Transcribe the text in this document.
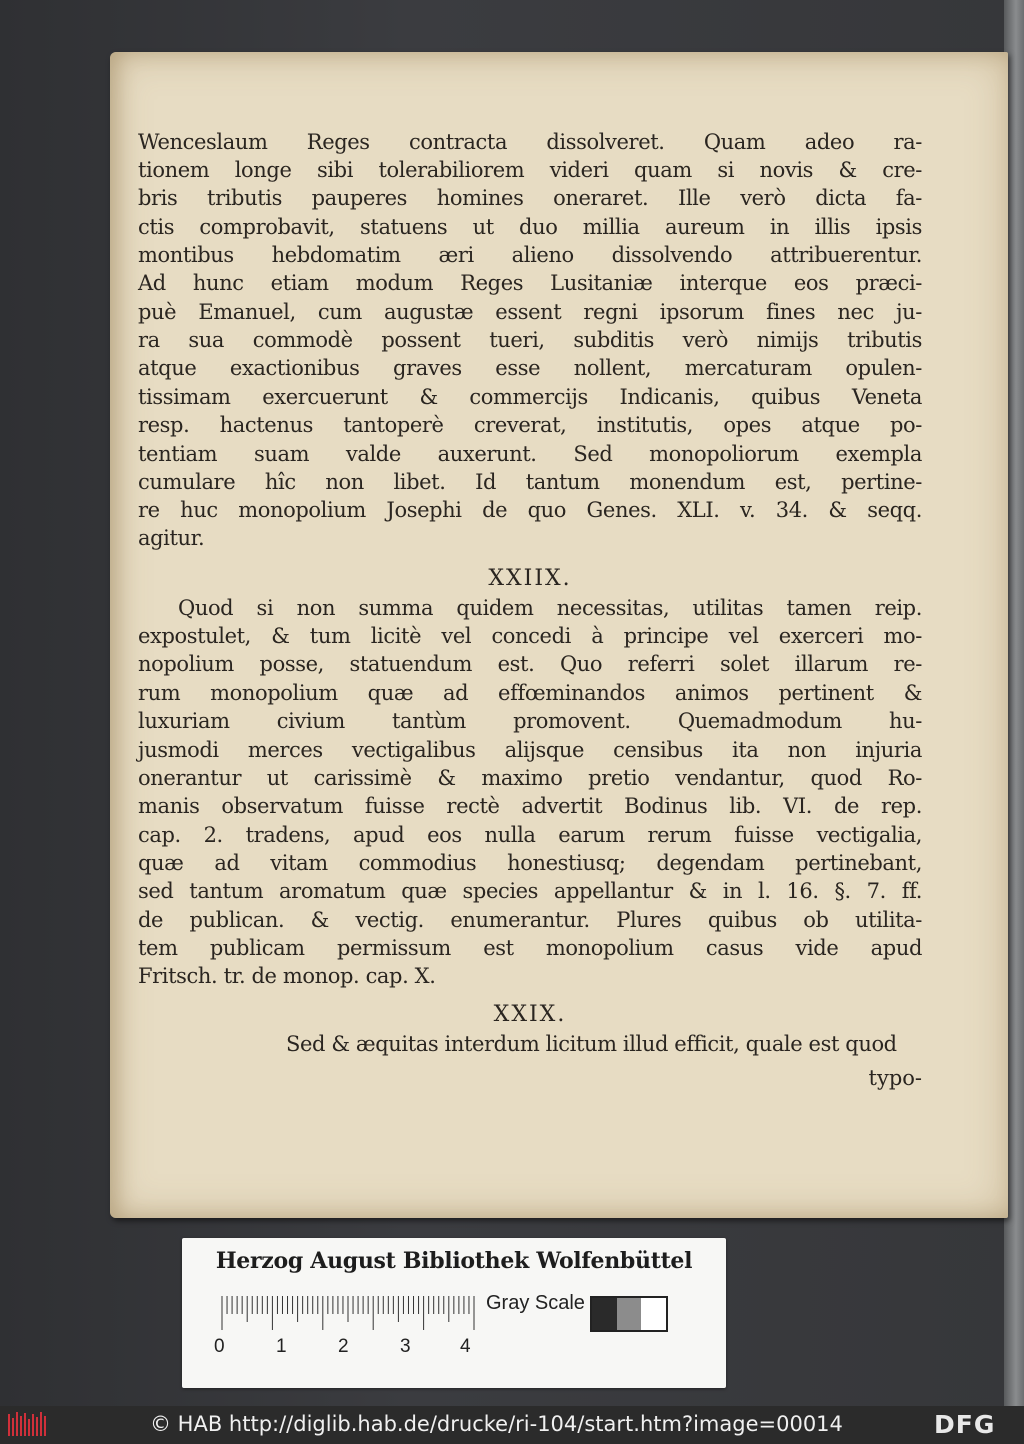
Wenceslaum Reges contracta dissolveret. Quam adeo ra-
tionem longe sibi tolerabiliorem videri quam si novis & cre-
bris tributis pauperes homines oneraret. Ille verò dicta fa-
ctis comprobavit, statuens ut duo millia aureum in illis ipsis
montibus hebdomatim æri alieno dissolvendo attribuerentur.
Ad hunc etiam modum Reges Lusitaniæ interque eos præci-
puè Emanuel, cum augustæ essent regni ipsorum fines nec ju-
ra sua commodè possent tueri, subditis verò nimijs tributis
atque exactionibus graves esse nollent, mercaturam opulen-
tissimam exercuerunt & commercijs Indicanis, quibus Veneta
resp. hactenus tantoperè creverat, institutis, opes atque po-
tentiam suam valde auxerunt. Sed monopoliorum exempla
cumulare hîc non libet. Id tantum monendum est, pertine-
re huc monopolium Josephi de quo Genes. XLI. v. 34. & seqq.
agitur.
XXIIX.
Quod si non summa quidem necessitas, utilitas tamen reip.
expostulet, & tum licitè vel concedi à principe vel exerceri mo-
nopolium posse, statuendum est. Quo referri solet illarum re-
rum monopolium quæ ad effœminandos animos pertinent &
luxuriam civium tantùm promovent. Quemadmodum hu-
jusmodi merces vectigalibus alijsque censibus ita non injuria
onerantur ut carissimè & maximo pretio vendantur, quod Ro-
manis observatum fuisse rectè advertit Bodinus lib. VI. de rep.
cap. 2. tradens, apud eos nulla earum rerum fuisse vectigalia,
quæ ad vitam commodius honestiusq; degendam pertinebant,
sed tantum aromatum quæ species appellantur & in l. 16. §. 7. ff.
de publican. & vectig. enumerantur. Plures quibus ob utilita-
tem publicam permissum est monopolium casus vide apud
Fritsch. tr. de monop. cap. X.
XXIX.
Sed & æquitas interdum licitum illud efficit, quale est quod
typo-
Herzog August Bibliothek Wolfenbüttel
0	1	2	3	4
Gray Scale
© HAB http://diglib.hab.de/drucke/ri-104/start.htm?image=00014	DFG
